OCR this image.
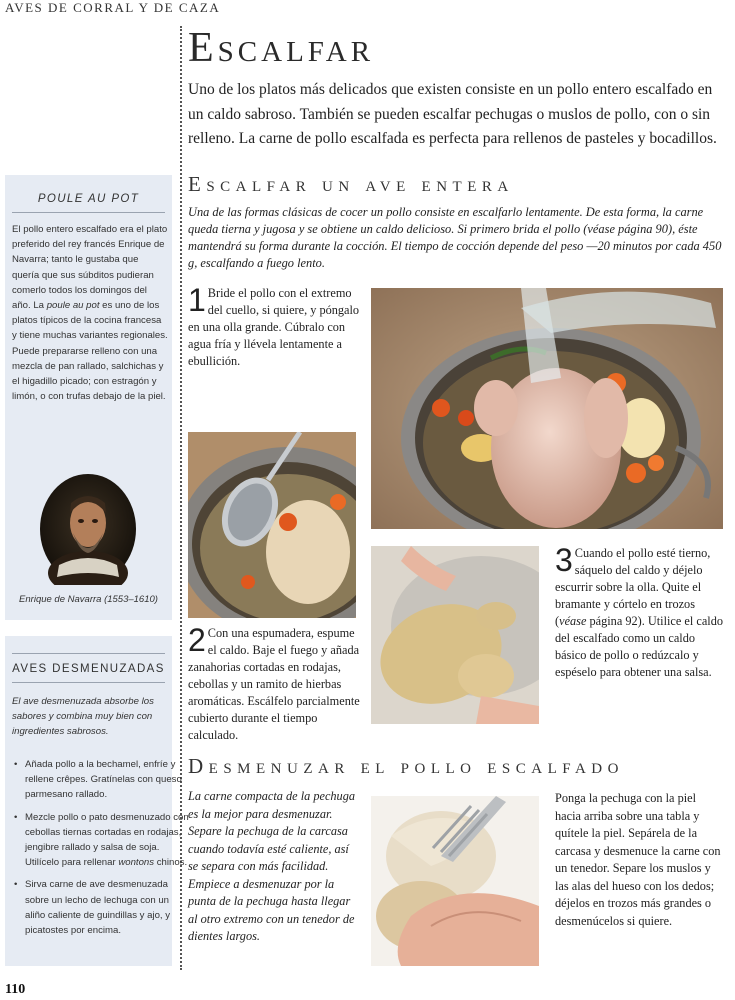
AVES DE CORRAL Y DE CAZA
110
POULE AU POT
El pollo entero escalfado era el plato preferido del rey francés Enrique de Navarra; tanto le gustaba que quería que sus súbditos pudieran comerlo todos los domingos del año. La poule au pot es uno de los platos típicos de la cocina francesa y tiene muchas variantes regionales. Puede prepararse relleno con una mezcla de pan rallado, salchichas y el higadillo picado; con estragón y limón, o con trufas debajo de la piel.
Enrique de Navarra (1553–1610)
AVES DESMENUZADAS
El ave desmenuzada absorbe los sabores y combina muy bien con ingredientes sabrosos.
• Añada pollo a la bechamel, enfríe y rellene crêpes. Gratínelas con queso parmesano rallado.
• Mezcle pollo o pato desmenuzado con cebollas tiernas cortadas en rodajas, jengibre rallado y salsa de soja. Utilícelo para rellenar wontons chinos.
• Sirva carne de ave desmenuzada sobre un lecho de lechuga con un aliño caliente de guindillas y ajo, y picatostes por encima.
Escalfar
Uno de los platos más delicados que existen consiste en un pollo entero escalfado en un caldo sabroso. También se pueden escalfar pechugas o muslos de pollo, con o sin relleno. La carne de pollo escalfada es perfecta para rellenos de pasteles y bocadillos.
Escalfar un ave entera
Una de las formas clásicas de cocer un pollo consiste en escalfarlo lentamente. De esta forma, la carne queda tierna y jugosa y se obtiene un caldo delicioso. Si primero brida el pollo (véase página 90), éste mantendrá su forma durante la cocción. El tiempo de cocción depende del peso —20 minutos por cada 450 g, escalfando a fuego lento.
1 Bride el pollo con el extremo del cuello, si quiere, y póngalo en una olla grande. Cúbralo con agua fría y llévela lentamente a ebullición.
2 Con una espumadera, espume el caldo. Baje el fuego y añada zanahorias cortadas en rodajas, cebollas y un ramito de hierbas aromáticas. Escálfelo parcialmente cubierto durante el tiempo calculado.
3 Cuando el pollo esté tierno, sáquelo del caldo y déjelo escurrir sobre la olla. Quite el bramante y córtelo en trozos (véase página 92). Utilice el caldo del escalfado como un caldo básico de pollo o redúzcalo y espéselo para obtener una salsa.
Desmenuzar el pollo escalfado
La carne compacta de la pechuga es la mejor para desmenuzar. Separe la pechuga de la carcasa cuando todavía esté caliente, así se separa con más facilidad. Empiece a desmenuzar por la punta de la pechuga hasta llegar al otro extremo con un tenedor de dientes largos.
Ponga la pechuga con la piel hacia arriba sobre una tabla y quítele la piel. Sepárela de la carcasa y desmenuce la carne con un tenedor. Separe los muslos y las alas del hueso con los dedos; déjelos en trozos más grandes o desmenúcelos si quiere.
